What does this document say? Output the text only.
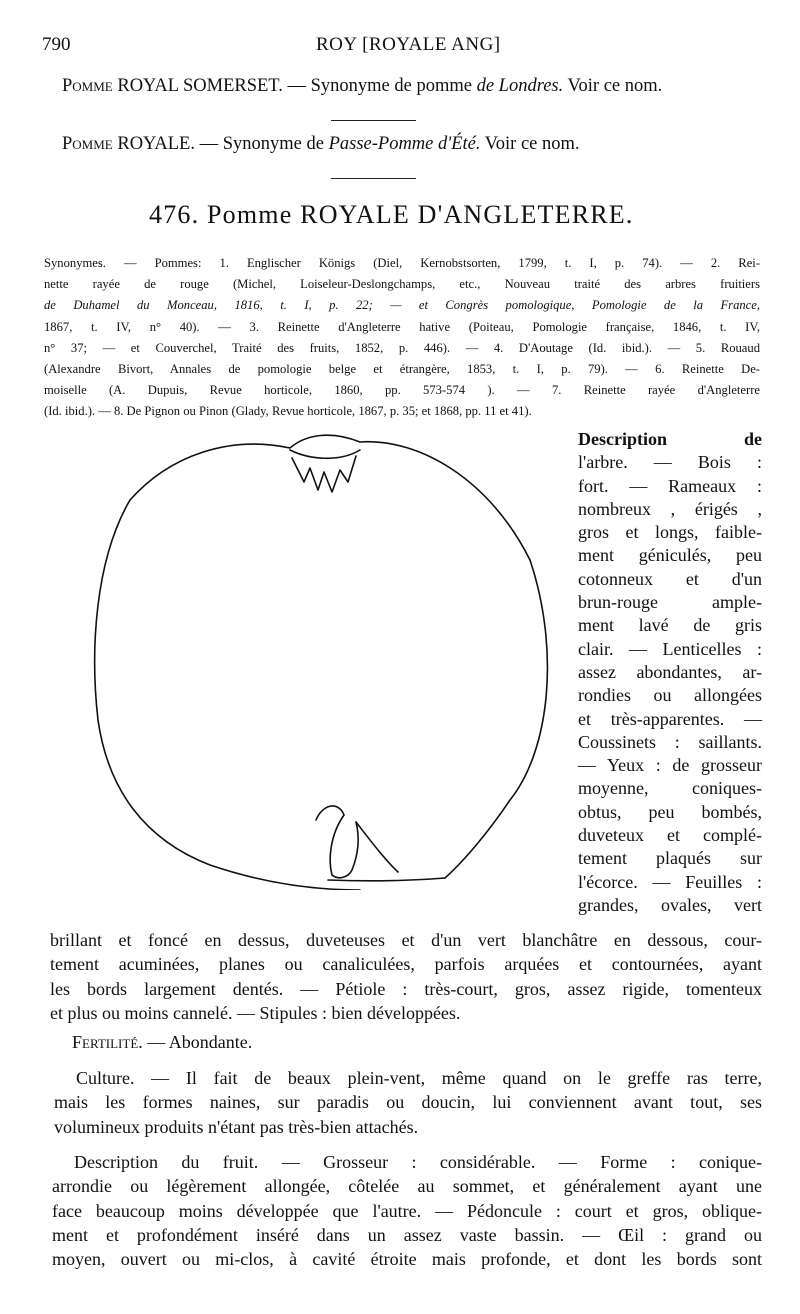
790	ROY [ROYALE ANG]
Pomme ROYAL SOMERSET. — Synonyme de pomme de Londres. Voir ce nom.
Pomme ROYALE. — Synonyme de Passe-Pomme d'Été. Voir ce nom.
476. Pomme ROYALE D'ANGLETERRE.
Synonymes. — Pommes: 1. Englischer Königs (Diel, Kernobstsorten, 1799, t. I, p. 74). — 2. Rei-
nette rayée de rouge (Michel, Loiseleur-Deslongchamps, etc., Nouveau traité des arbres fruitiers
de Duhamel du Monceau, 1816, t. I, p. 22; — et Congrès pomologique, Pomologie de la France,
1867, t. IV, n° 40). — 3. Reinette d'Angleterre hative (Poiteau, Pomologie française, 1846, t. IV,
n° 37; — et Couverchel, Traité des fruits, 1852, p. 446). — 4. D'Aoutage (Id. ibid.). — 5. Rouaud
(Alexandre Bivort, Annales de pomologie belge et étrangère, 1853, t. I, p. 79). — 6. Reinette De-
moiselle (A. Dupuis, Revue horticole, 1860, pp. 573-574 ). — 7. Reinette rayée d'Angleterre
(Id. ibid.). — 8. De Pignon ou Pinon (Glady, Revue horticole, 1867, p. 35; et 1868, pp. 11 et 41).
Description de
l'arbre. — Bois :
fort. — Rameaux :
nombreux , érigés ,
gros et longs, faible-
ment géniculés, peu
cotonneux et d'un
brun-rouge ample-
ment lavé de gris
clair. — Lenticelles :
assez abondantes, ar-
rondies ou allongées
et très-apparentes. —
Coussinets : saillants.
— Yeux : de grosseur
moyenne, coniques-
obtus, peu bombés,
duveteux et complé-
tement plaqués sur
l'écorce. — Feuilles :
grandes, ovales, vert
brillant et foncé en dessus, duveteuses et d'un vert blanchâtre en dessous, cour-
tement acuminées, planes ou canaliculées, parfois arquées et contournées, ayant
les bords largement dentés. — Pétiole : très-court, gros, assez rigide, tomenteux
et plus ou moins cannelé. — Stipules : bien développées.
Fertilité. — Abondante.
Culture. — Il fait de beaux plein-vent, même quand on le greffe ras terre,
mais les formes naines, sur paradis ou doucin, lui conviennent avant tout, ses
volumineux produits n'étant pas très-bien attachés.
Description du fruit. — Grosseur : considérable. — Forme : conique-
arrondie ou légèrement allongée, côtelée au sommet, et généralement ayant une
face beaucoup moins développée que l'autre. — Pédoncule : court et gros, oblique-
ment et profondément inséré dans un assez vaste bassin. — Œil : grand ou
moyen, ouvert ou mi-clos, à cavité étroite mais profonde, et dont les bords sont
